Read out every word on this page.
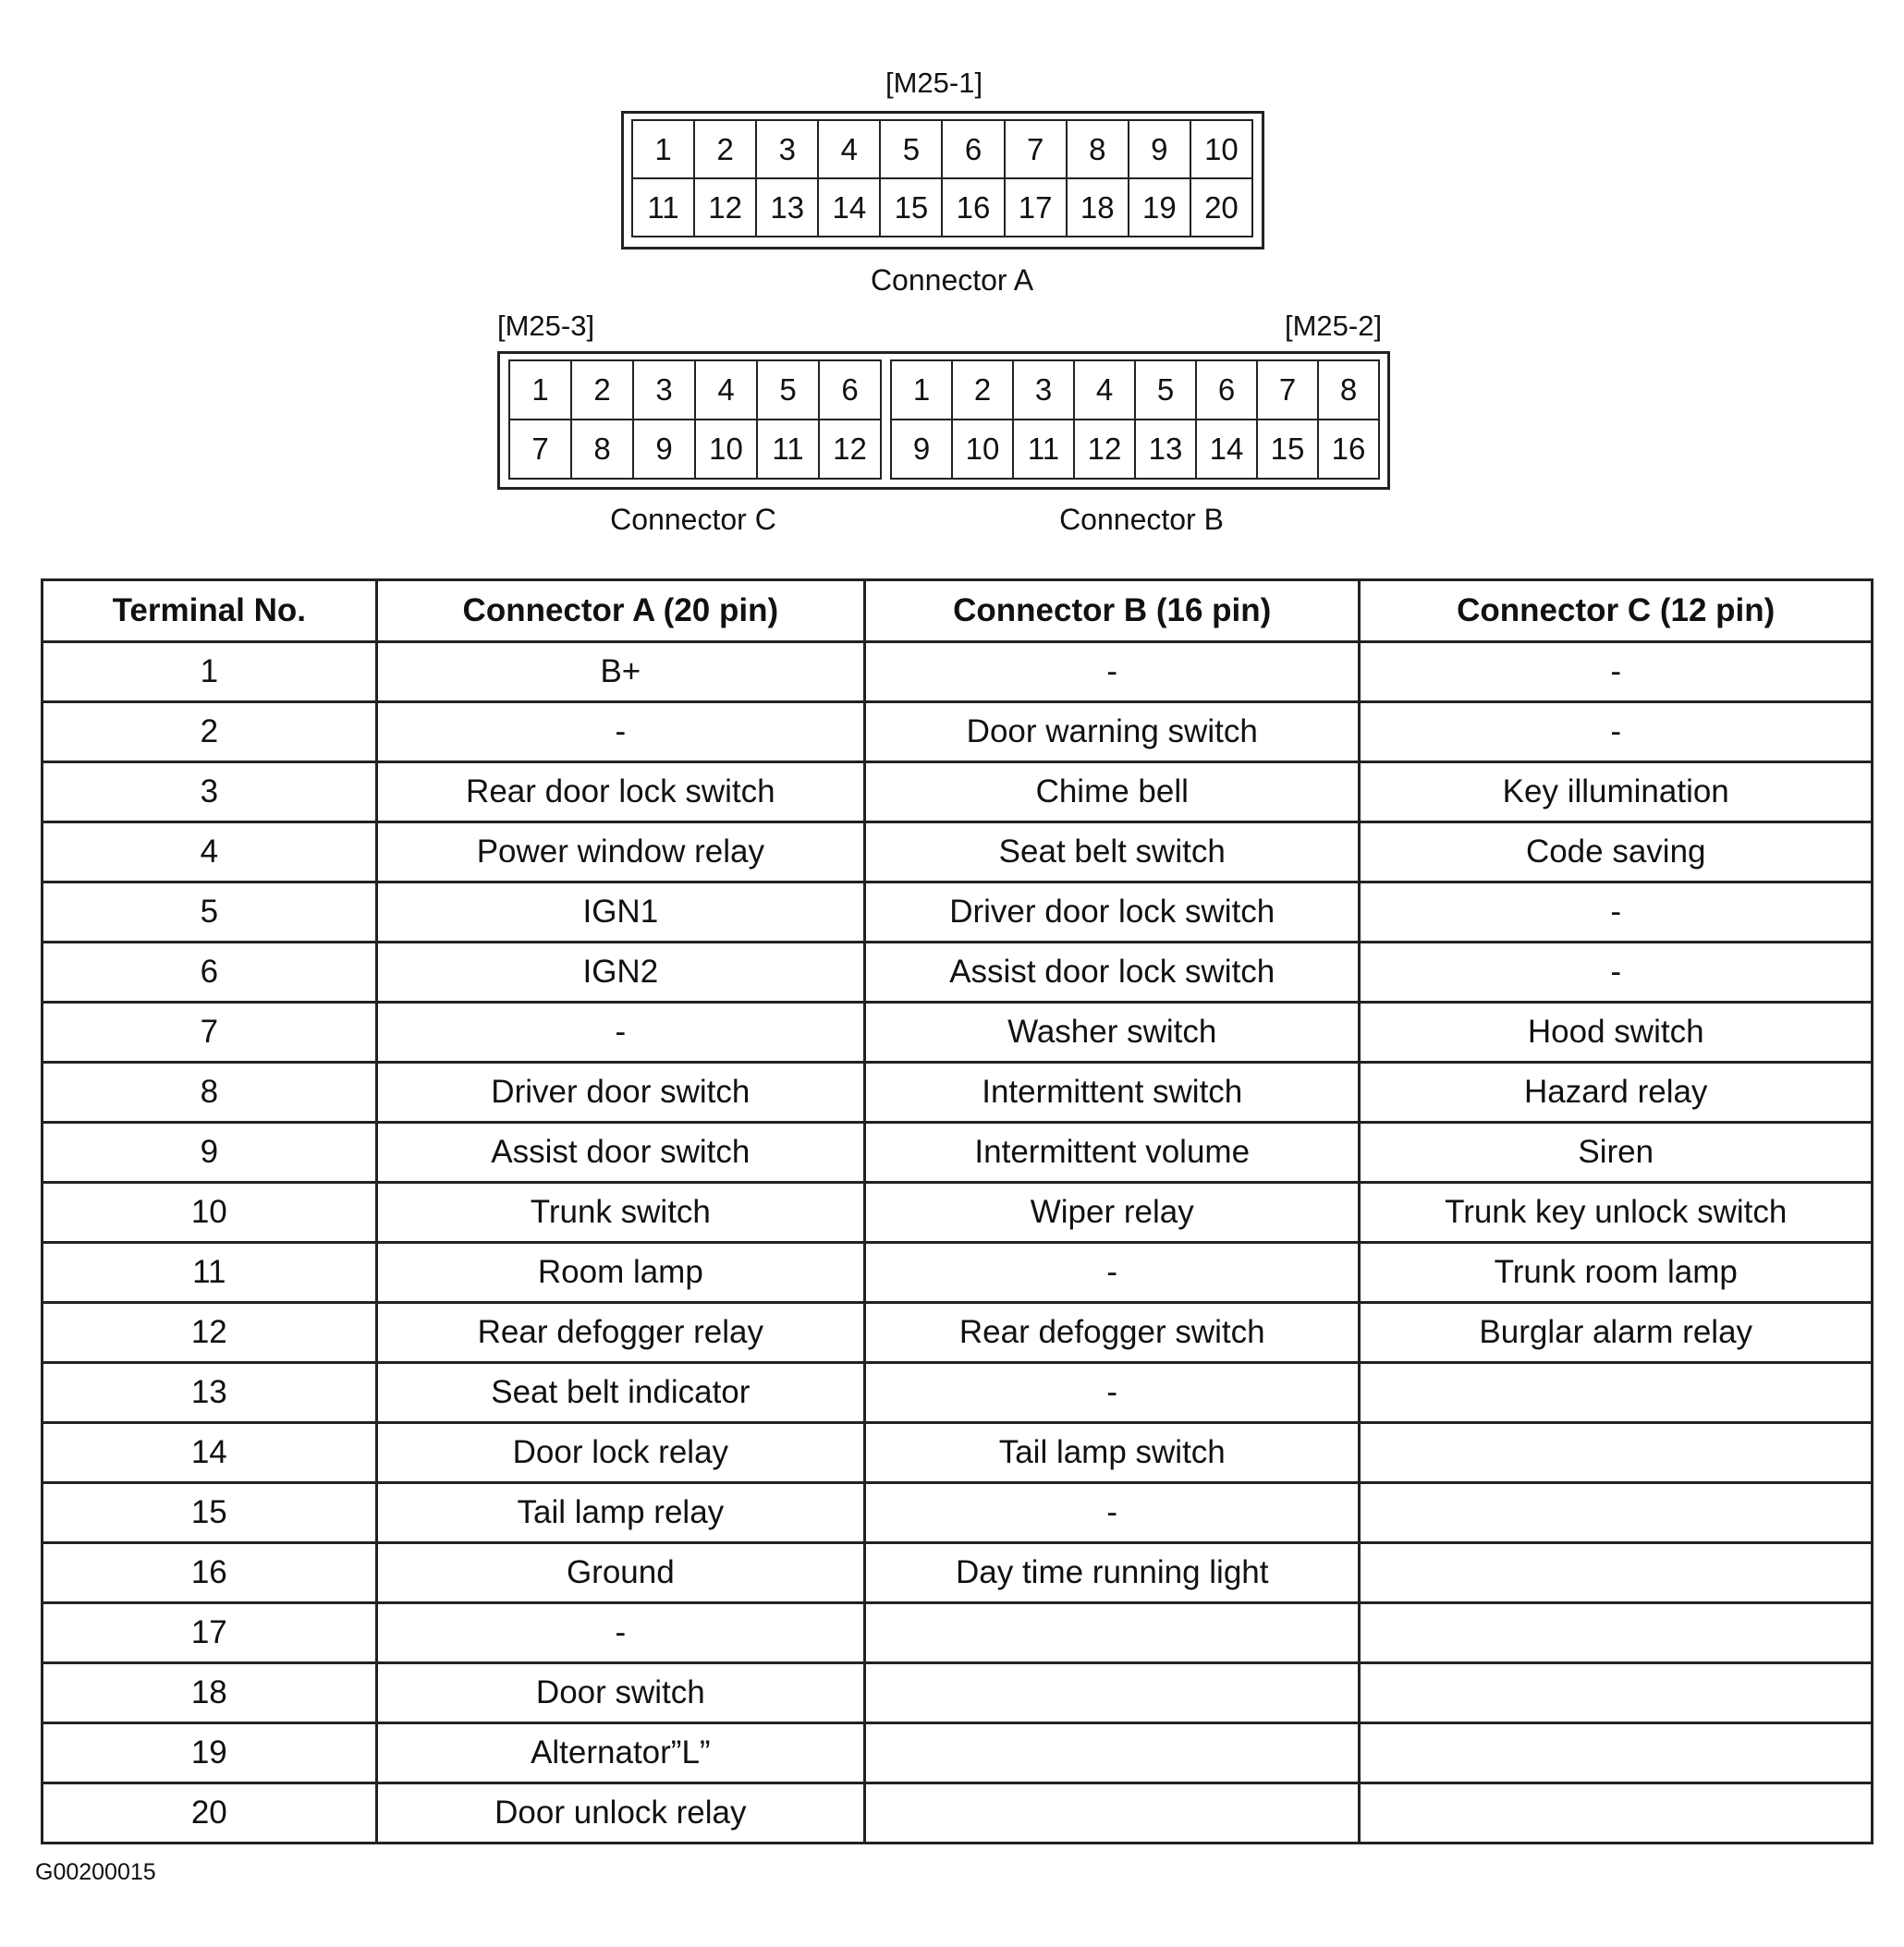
[M25-1]
1	2	3	4	5	6	7	8	9	10
11 12 13 14 15 16 17 18 19 20
Connector A
[M25-3]	[M25-2]
1	2	3	4	5	6
7	8	9	10 11 12
1	2	3	4	5	6	7	8
9	10 11 12 13 14 15 16
Connector C	Connector B
Terminal No.	Connector A (20 pin)	Connector B (16 pin)	Connector C (12 pin)
1	B+	-	-
2	-	Door warning switch	-
3	Rear door lock switch	Chime bell	Key illumination
4	Power window relay	Seat belt switch	Code saving
5	IGN1	Driver door lock switch	-
6	IGN2	Assist door lock switch	-
7	-	Washer switch	Hood switch
8	Driver door switch	Intermittent switch	Hazard relay
9	Assist door switch	Intermittent volume	Siren
10	Trunk switch	Wiper relay	Trunk key unlock switch
11	Room lamp	-	Trunk room lamp
12	Rear defogger relay	Rear defogger switch	Burglar alarm relay
13	Seat belt indicator	-	
14	Door lock relay	Tail lamp switch	
15	Tail lamp relay	-	
16	Ground	Day time running light	
17	-		
18	Door switch		
19	Alternator”L”		
20	Door unlock relay		
G00200015
